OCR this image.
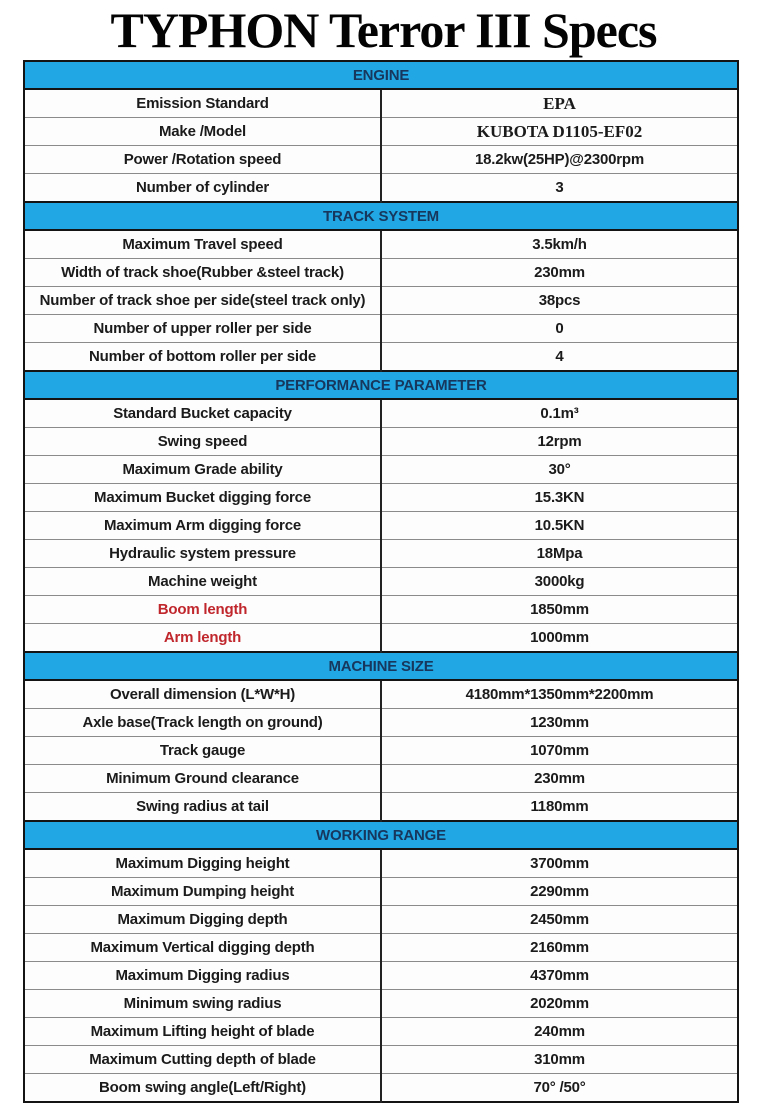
TYPHON Terror III Specs
ENGINE	
Emission Standard	EPA
Make /Model	KUBOTA D1105-EF02
Power /Rotation speed	18.2kw(25HP)@2300rpm
Number of cylinder	3
TRACK SYSTEM	
Maximum Travel speed	3.5km/h
Width of track shoe(Rubber &steel track)	230mm
Number of track shoe per side(steel track only)	38pcs
Number of upper roller per side	0
Number of bottom roller per side	4
PERFORMANCE PARAMETER	
Standard Bucket capacity	0.1m³
Swing speed	12rpm
Maximum Grade ability	30°
Maximum Bucket digging force	15.3KN
Maximum Arm digging force	10.5KN
Hydraulic system pressure	18Mpa
Machine weight	3000kg
Boom length	1850mm
Arm length	1000mm
MACHINE SIZE	
Overall dimension (L*W*H)	4180mm*1350mm*2200mm
Axle base(Track length on ground)	1230mm
Track gauge	1070mm
Minimum Ground clearance	230mm
Swing radius at tail	1180mm
WORKING RANGE	
Maximum Digging height	3700mm
Maximum Dumping height	2290mm
Maximum Digging depth	2450mm
Maximum Vertical digging depth	2160mm
Maximum Digging radius	4370mm
Minimum swing radius	2020mm
Maximum Lifting height of blade	240mm
Maximum Cutting depth of blade	310mm
Boom swing angle(Left/Right)	70° /50°
